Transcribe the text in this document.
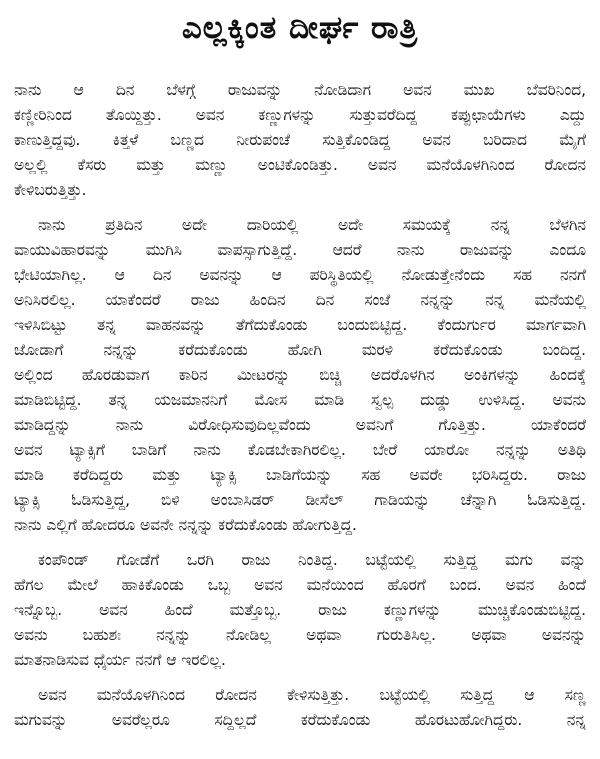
ಎಲ್ಲಕ್ಕಿಂತ ದೀರ್ಘ ರಾತ್ರಿ
ನಾನು ಆ ದಿನ ಬೆಳಗ್ಗೆ ರಾಜುವನ್ನು ನೋಡಿದಾಗ ಅವನ ಮುಖ ಬೆವರಿನಿಂದ,
ಕಣ್ಣೀರಿನಿಂದ ತೊಯ್ದಿತ್ತು. ಅವನ ಕಣ್ಣುಗಳನ್ನು ಸುತ್ತುವರೆದಿದ್ದ ಕಪ್ಪುಛಾಯೆಗಳು ಎದ್ದು
ಕಾಣುತ್ತಿದ್ದವು. ಕಿತ್ತಳೆ ಬಣ್ಣದ ನೀರುಪಂಚೆ ಸುತ್ತಿಕೊಂಡಿದ್ದ ಅವನ ಬರಿದಾದ ಮೈಗೆ
ಅಲ್ಲಲ್ಲಿ ಕೆಸರು ಮತ್ತು ಮಣ್ಣು ಅಂಟಿಕೊಂಡಿತ್ತು. ಅವನ ಮನೆಯೊಳಗಿನಿಂದ ರೋದನ
ಕೇಳಿಬರುತ್ತಿತ್ತು.
ನಾನು ಪ್ರತಿದಿನ ಅದೇ ದಾರಿಯಲ್ಲಿ ಅದೇ ಸಮಯಕ್ಕೆ ನನ್ನ ಬೆಳಗಿನ
ವಾಯುವಿಹಾರವನ್ನು ಮುಗಿಸಿ ವಾಪಸ್ಸಾಗುತ್ತಿದ್ದೆ. ಆದರೆ ನಾನು ರಾಜುವನ್ನು ಎಂದೂ
ಭೇಟಿಯಾಗಿಲ್ಲ. ಆ ದಿನ ಅವನನ್ನು ಆ ಪರಿಸ್ಥಿತಿಯಲ್ಲಿ ನೋಡುತ್ತೇನೆಂದು ಸಹ ನನಗೆ
ಅನಿಸಿರಲಿಲ್ಲ. ಯಾಕೆಂದರೆ ರಾಜು ಹಿಂದಿನ ದಿನ ಸಂಜೆ ನನ್ನನ್ನು ನನ್ನ ಮನೆಯಲ್ಲಿ
ಇಳಿಸಿಬಿಟ್ಟು ತನ್ನ ವಾಹನವನ್ನು ತೆಗೆದುಕೊಂಡು ಬಂದುಬಿಟ್ಟಿದ್ದ. ಕೆಂದುರ್ಗುರ ಮಾರ್ಗವಾಗಿ
ಜೋಡಾಗೆ ನನ್ನನ್ನು ಕರೆದುಕೊಂಡು ಹೋಗಿ ಮರಳಿ ಕರೆದುಕೊಂಡು ಬಂದಿದ್ದ.
ಅಲ್ಲಿಂದ ಹೊರಡುವಾಗ ಕಾರಿನ ಮೀಟರನ್ನು ಬಿಚ್ಚಿ ಅದರೊಳಗಿನ ಅಂಕಿಗಳನ್ನು ಹಿಂದಕ್ಕೆ
ಮಾಡಿಬಿಟ್ಟಿದ್ದ. ತನ್ನ ಯಜಮಾನನಿಗೆ ಮೋಸ ಮಾಡಿ ಸ್ವಲ್ಪ ದುಡ್ಡು ಉಳಿಸಿದ್ದ. ಅವನು
ಮಾಡಿದ್ದನ್ನು ನಾನು ವಿರೋಧಿಸುವುದಿಲ್ಲವೆಂದು ಅವನಿಗೆ ಗೊತ್ತಿತ್ತು. ಯಾಕೆಂದರೆ
ಅವನ ಟ್ಯಾಕ್ಸಿಗೆ ಬಾಡಿಗೆ ನಾನು ಕೊಡಬೇಕಾಗಿರಲಿಲ್ಲ. ಬೇರೆ ಯಾರೋ ನನ್ನನ್ನು ಅತಿಥಿ
ಮಾಡಿ ಕರೆದಿದ್ದರು ಮತ್ತು ಟ್ಯಾಕ್ಸಿ ಬಾಡಿಗೆಯನ್ನು ಸಹ ಅವರೇ ಭರಿಸಿದ್ದರು. ರಾಜು
ಟ್ಯಾಕ್ಸಿ ಓಡಿಸುತ್ತಿದ್ದ, ಬಿಳಿ ಅಂಬಾಸಿಡರ್ ಡೀಸೆಲ್ ಗಾಡಿಯನ್ನು ಚೆನ್ನಾಗಿ ಓಡಿಸುತ್ತಿದ್ದ.
ನಾನು ಎಲ್ಲಿಗೆ ಹೋದರೂ ಅವನೇ ನನ್ನನ್ನು ಕರೆದುಕೊಂಡು ಹೋಗುತ್ತಿದ್ದ.
ಕಂಪೌಂಡ್ ಗೋಡೆಗೆ ಒರಗಿ ರಾಜು ನಿಂತಿದ್ದ. ಬಟ್ಟೆಯಲ್ಲಿ ಸುತ್ತಿದ್ದ ಮಗು ವನ್ನು
ಹೆಗಲ ಮೇಲೆ ಹಾಕಿಕೊಂಡು ಒಬ್ಬ ಅವನ ಮನೆಯಿಂದ ಹೊರಗೆ ಬಂದ. ಅವನ ಹಿಂದೆ
ಇನ್ನೊಬ್ಬ. ಅವನ ಹಿಂದೆ ಮತ್ತೊಬ್ಬ. ರಾಜು ಕಣ್ಣುಗಳನ್ನು ಮುಚ್ಚಿಕೊಂಡುಬಿಟ್ಟಿದ್ದ.
ಅವನು ಬಹುಶಃ ನನ್ನನ್ನು ನೋಡಿಲ್ಲ ಅಥವಾ ಗುರುತಿಸಿಲ್ಲ. ಅಥವಾ ಅವನನ್ನು
ಮಾತನಾಡಿಸುವ ಧೈರ್ಯ ನನಗೆ ಆ ಇರಲಿಲ್ಲ.
ಅವನ ಮನೆಯೊಳಗಿನಿಂದ ರೋದನ ಕೇಳಿಸುತ್ತಿತ್ತು. ಬಟ್ಟೆಯಲ್ಲಿ ಸುತ್ತಿದ್ದ ಆ ಸಣ್ಣ
ಮಗುವನ್ನು ಅವರೆಲ್ಲರೂ ಸದ್ದಿಲ್ಲದೆ ಕರೆದುಕೊಂಡು ಹೊರಟುಹೋಗಿದ್ದರು. ನನ್ನ
